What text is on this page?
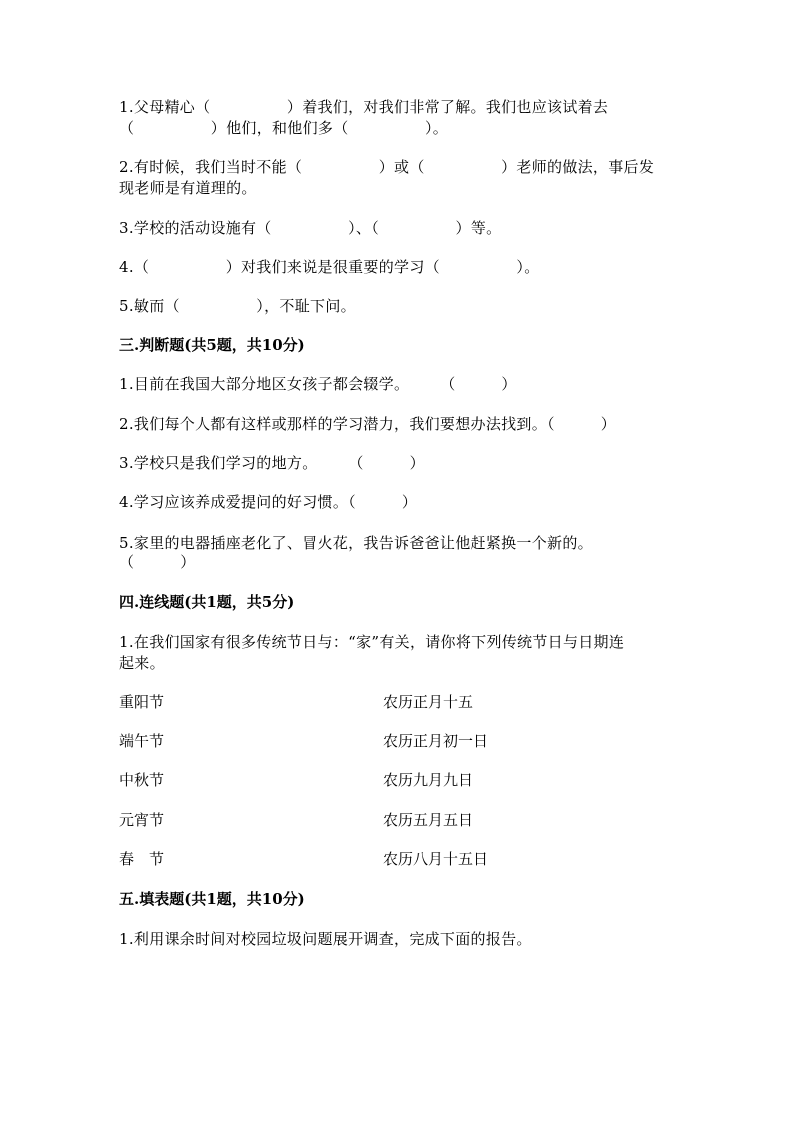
1.父母精心（　　　　　）着我们，对我们非常了解。我们也应该试着去
（　　　　　）他们，和他们多（　　　　　）。
2.有时候，我们当时不能（　　　　　）或（　　　　　）老师的做法，事后发
现老师是有道理的。
3.学校的活动设施有（　　　　　）、（　　　　　）等。
4.（　　　　　）对我们来说是很重要的学习（　　　　　）。
5.敏而（　　　　　），不耻下问。
三.判断题(共5题，共10分)
1.目前在我国大部分地区女孩子都会辍学。　　　（　　　）
2.我们每个人都有这样或那样的学习潜力，我们要想办法找到。（　　　）
3.学校只是我们学习的地方。　　　（　　　）
4.学习应该养成爱提问的好习惯。（　　　）
5.家里的电器插座老化了、冒火花，我告诉爸爸让他赶紧换一个新的。
（　　　）
四.连线题(共1题，共5分)
1.在我们国家有很多传统节日与：“家”有关，请你将下列传统节日与日期连
起来。
重阳节	农历正月十五
端午节	农历正月初一日
中秋节	农历九月九日
元宵节	农历五月五日
春　节	农历八月十五日
五.填表题(共1题，共10分)
1.利用课余时间对校园垃圾问题展开调查，完成下面的报告。
